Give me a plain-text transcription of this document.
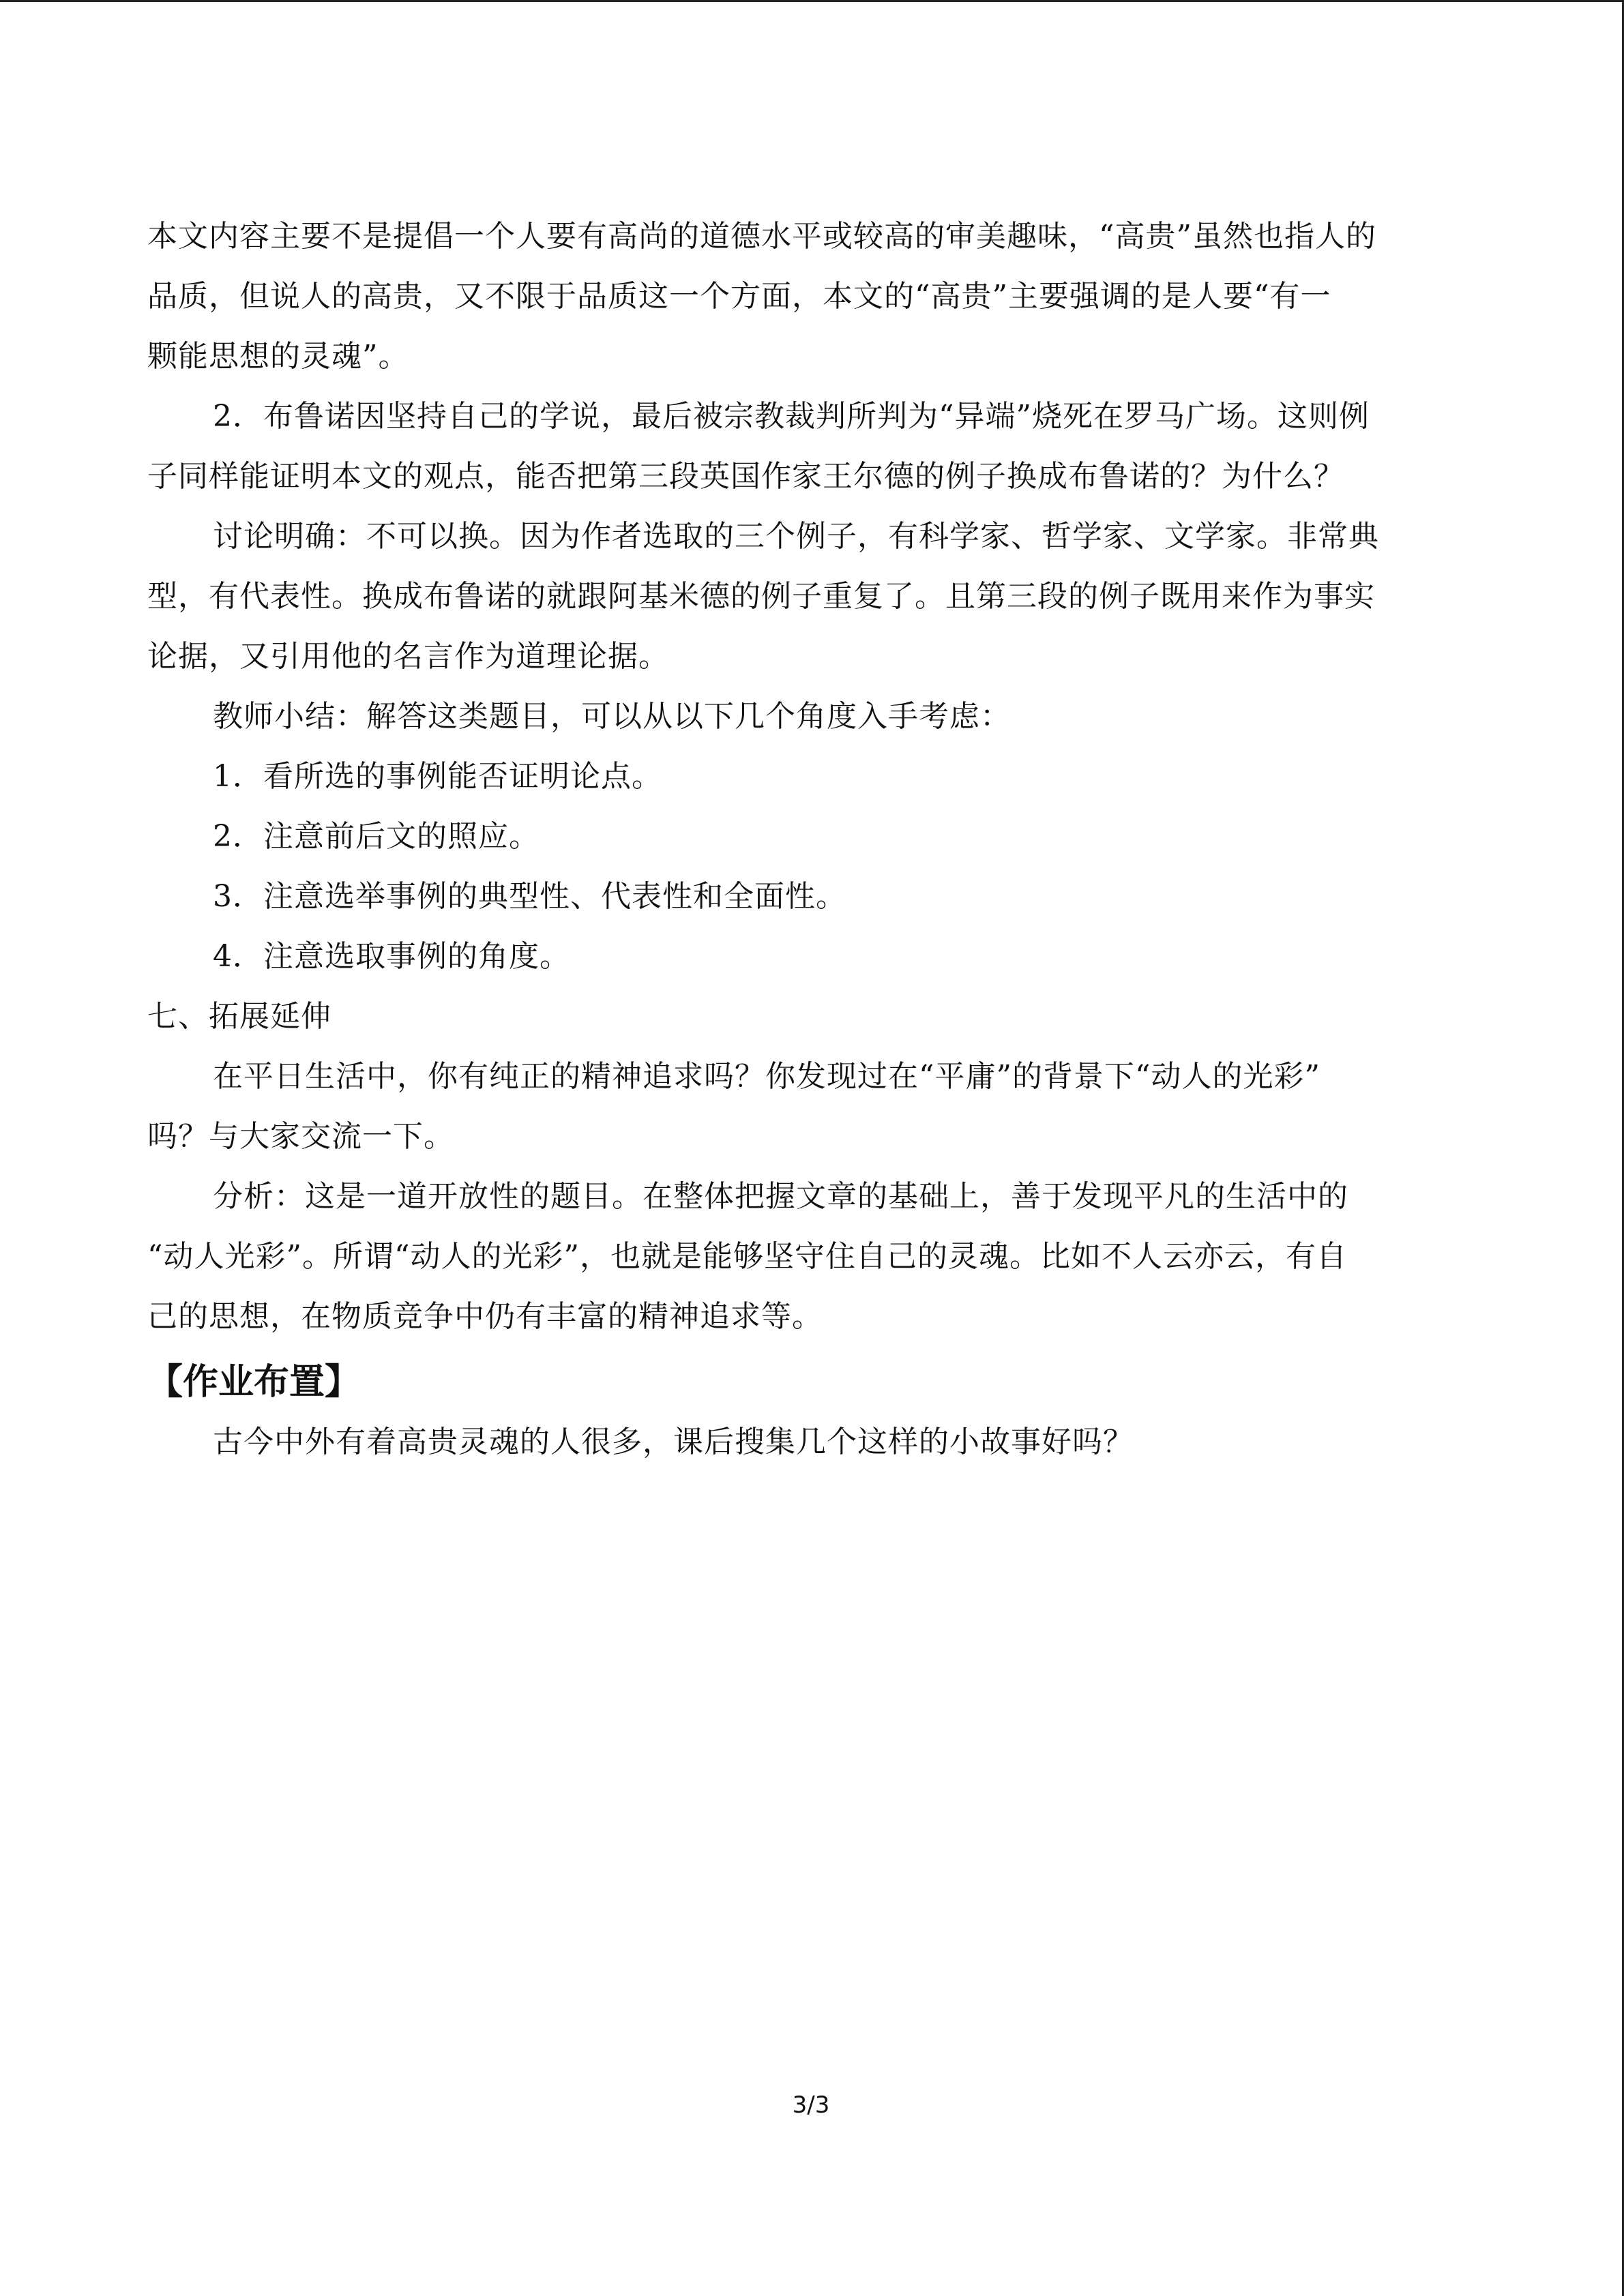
本文内容主要不是提倡一个人要有高尚的道德水平或较高的审美趣味，“高贵”虽然也指人的
品质，但说人的高贵，又不限于品质这一个方面，本文的“高贵”主要强调的是人要“有一
颗能思想的灵魂”。
2．布鲁诺因坚持自己的学说，最后被宗教裁判所判为“异端”烧死在罗马广场。这则例
子同样能证明本文的观点，能否把第三段英国作家王尔德的例子换成布鲁诺的？为什么？
讨论明确：不可以换。因为作者选取的三个例子，有科学家、哲学家、文学家。非常典
型，有代表性。换成布鲁诺的就跟阿基米德的例子重复了。且第三段的例子既用来作为事实
论据，又引用他的名言作为道理论据。
教师小结：解答这类题目，可以从以下几个角度入手考虑：
1．看所选的事例能否证明论点。
2．注意前后文的照应。
3．注意选举事例的典型性、代表性和全面性。
4．注意选取事例的角度。
七、拓展延伸
在平日生活中，你有纯正的精神追求吗？你发现过在“平庸”的背景下“动人的光彩”
吗？与大家交流一下。
分析：这是一道开放性的题目。在整体把握文章的基础上，善于发现平凡的生活中的
“动人光彩”。所谓“动人的光彩”，也就是能够坚守住自己的灵魂。比如不人云亦云，有自
己的思想，在物质竞争中仍有丰富的精神追求等。
【作业布置】
古今中外有着高贵灵魂的人很多，课后搜集几个这样的小故事好吗？
3/3
